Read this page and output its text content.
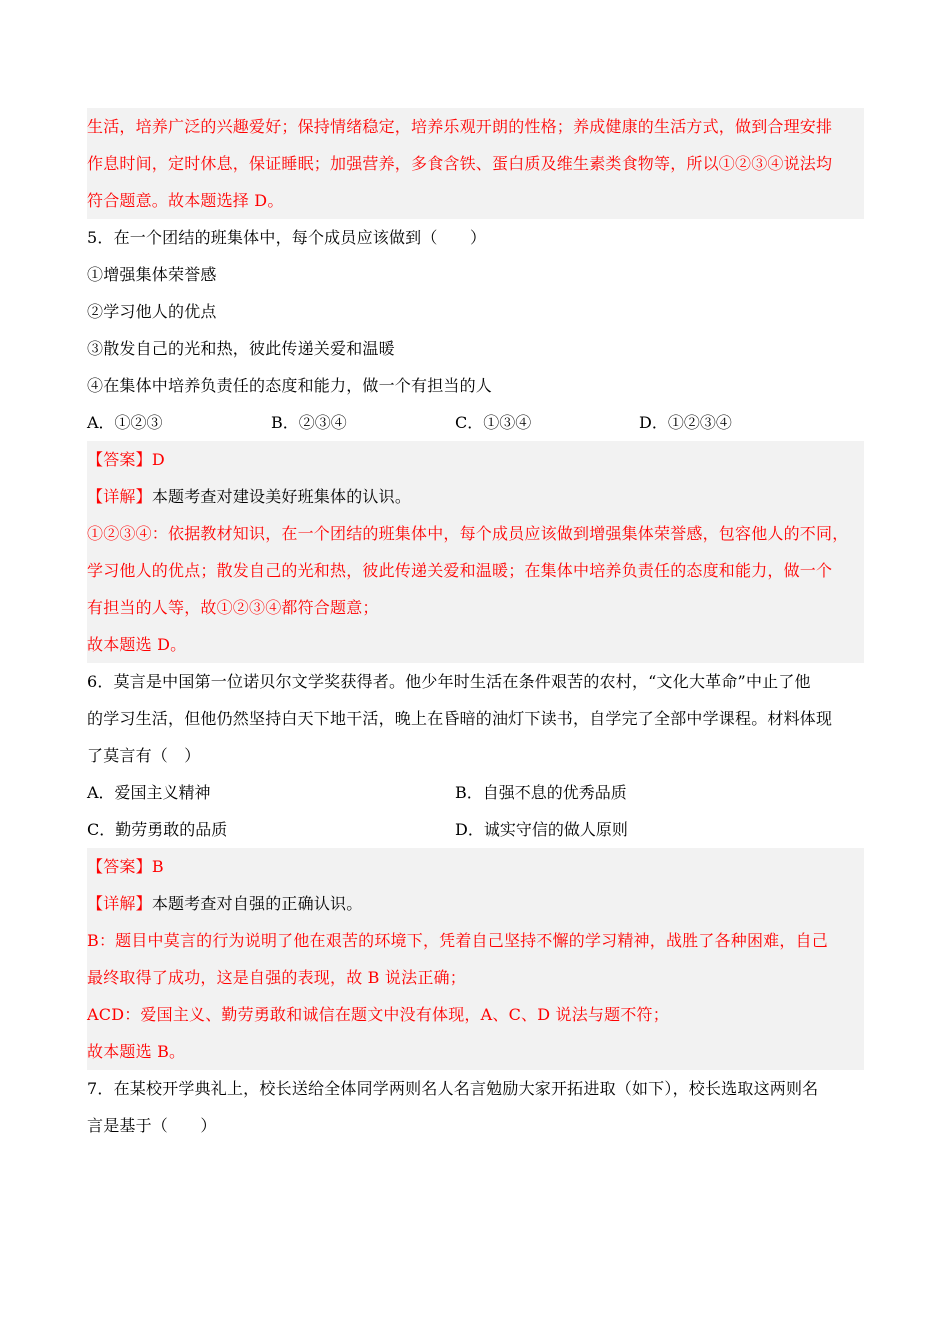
生活，培养广泛的兴趣爱好；保持情绪稳定，培养乐观开朗的性格；养成健康的生活方式，做到合理安排
作息时间，定时休息，保证睡眠；加强营养，多食含铁、蛋白质及维生素类食物等，所以①②③④说法均
符合题意。故本题选择 D。
5．在一个团结的班集体中，每个成员应该做到（　　）
①增强集体荣誉感
②学习他人的优点
③散发自己的光和热，彼此传递关爱和温暖
④在集体中培养负责任的态度和能力，做一个有担当的人
A．①②③	B．②③④	C．①③④	D．①②③④
【答案】D
【详解】本题考查对建设美好班集体的认识。
①②③④：依据教材知识，在一个团结的班集体中，每个成员应该做到增强集体荣誉感，包容他人的不同，
学习他人的优点；散发自己的光和热，彼此传递关爱和温暖；在集体中培养负责任的态度和能力，做一个
有担当的人等，故①②③④都符合题意；
故本题选 D。
6．莫言是中国第一位诺贝尔文学奖获得者。他少年时生活在条件艰苦的农村，“文化大革命”中止了他
的学习生活，但他仍然坚持白天下地干活，晚上在昏暗的油灯下读书，自学完了全部中学课程。材料体现
了莫言有（　）
A．爱国主义精神	B．自强不息的优秀品质
C．勤劳勇敢的品质	D．诚实守信的做人原则
【答案】B
【详解】本题考查对自强的正确认识。
B：题目中莫言的行为说明了他在艰苦的环境下，凭着自己坚持不懈的学习精神，战胜了各种困难，自己
最终取得了成功，这是自强的表现，故 B 说法正确；
ACD：爱国主义、勤劳勇敢和诚信在题文中没有体现，A、C、D 说法与题不符；
故本题选 B。
7．在某校开学典礼上，校长送给全体同学两则名人名言勉励大家开拓进取（如下），校长选取这两则名
言是基于（　　）
